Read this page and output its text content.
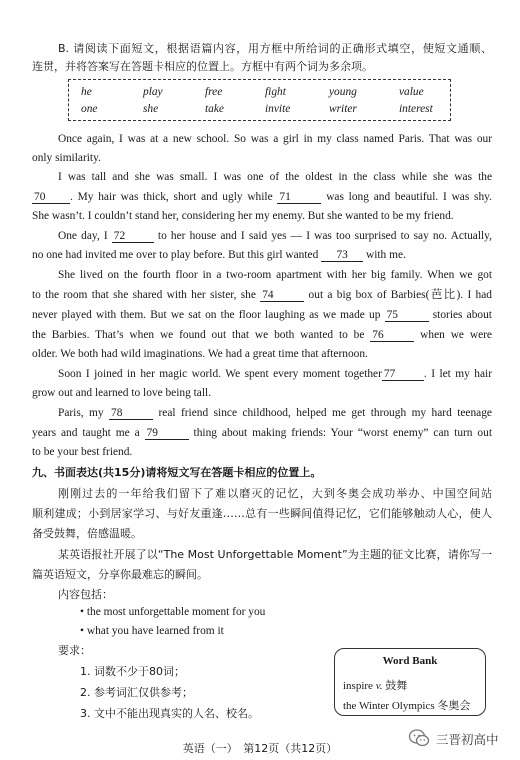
B. 请阅读下面短文，根据语篇内容，用方框中所给词的正确形式填空，使短文通顺、
连贯，并将答案写在答题卡相应的位置上。方框中有两个词为多余项。
he	play	free	fight	young	value
one	she	take	invite	writer	interest
Once again, I was at a new school. So was a girl in my class named Paris. That was our
only similarity.
I was tall and she was small. I was one of the oldest in the class while she was the
70 . My hair was thick, short and ugly while 71	was long and beautiful. I was shy.
She wasn’t. I couldn’t stand her, considering her my enemy. But she wanted to be my friend.
One day, I 72	to her house and I said yes — I was too surprised to say no. Actually,
no one had invited me over to play before. But this girl wanted 73 with me.
She lived on the fourth floor in a two-room apartment with her big family. When we got
to the room that she shared with her sister, she 74	out a big box of Barbies(芭比). I had
never played with them. But we sat on the floor laughing as we made up 75	stories about
the Barbies. That’s when we found out that we both wanted to be 76	when we were
older. We both had wild imaginations. We had a great time that afternoon.
Soon I joined in her magic world. We spent every moment together 77	. I let my hair
grow out and learned to love being tall.
Paris, my 78	real friend since childhood, helped me get through my hard teenage
years and taught me a 79	thing about making friends: Your “worst enemy” can turn out
to be your best friend.
九、书面表达(共15分)请将短文写在答题卡相应的位置上。
刚刚过去的一年给我们留下了难以磨灭的记忆，大到冬奥会成功举办、中国空间站
顺利建成；小到居家学习、与好友重逢……总有一些瞬间值得记忆，它们能够触动人心，使人
备受鼓舞，倍感温暖。
某英语报社开展了以“The Most Unforgettable Moment”为主题的征文比赛，请你写一
篇英语短文，分享你最难忘的瞬间。
内容包括：
• the most unforgettable moment for you
• what you have learned from it
要求：
1. 词数不少于80词；
2. 参考词汇仅供参考；
3. 文中不能出现真实的人名、校名。
Word Bank
inspire v. 鼓舞
the Winter Olympics 冬奥会
英语（一）　第12页（共12页）
三晋初高中
